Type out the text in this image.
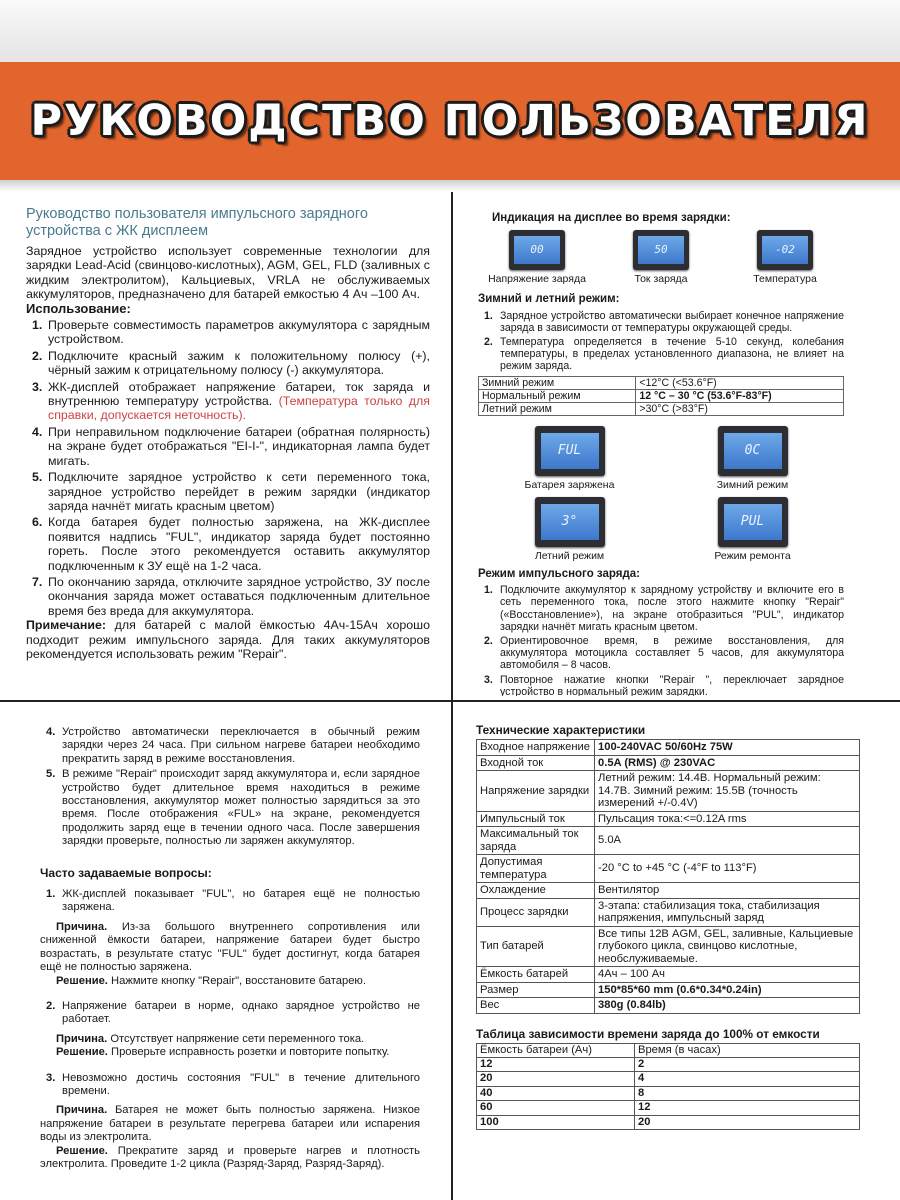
РУКОВОДСТВО ПОЛЬЗОВАТЕЛЯ
Руководство пользователя импульсного зарядного устройства с ЖК дисплеем

Зарядное устройство использует современные технологии для зарядки Lead-Acid (свинцово-кислотных), AGM, GEL, FLD (заливных с жидким электролитом), Кальциевых, VRLA не обслуживаемых аккумуляторов, предназначено для батарей емкостью 4 Ач –100 Ач.

Использование:
1. Проверьте совместимость параметров аккумулятора с зарядным устройством.
2. Подключите красный зажим к положительному полюсу (+), чёрный зажим к отрицательному полюсу (-) аккумулятора.
3. ЖК-дисплей отображает напряжение батареи, ток заряда и внутреннюю температуру устройства. (Температура только для справки, допускается неточность).
4. При неправильном подключение батареи (обратная полярность) на экране будет отображаться "EI-I-", индикаторная лампа будет мигать.
5. Подключите зарядное устройство к сети переменного тока, зарядное устройство перейдет в режим зарядки (индикатор заряда начнёт мигать красным цветом)
6. Когда батарея будет полностью заряжена, на ЖК-дисплее появится надпись "FUL", индикатор заряда будет постоянно гореть. После этого рекомендуется оставить аккумулятор подключенным к ЗУ ещё на 1-2 часа.
7. По окончанию заряда, отключите зарядное устройство, ЗУ после окончания заряда может оставаться подключенным длительное время без вреда для аккумулятора.

Примечание: для батарей с малой ёмкостью 4Ач-15Ач хорошо подходит режим импульсного заряда. Для таких аккумуляторов рекомендуется использовать режим "Repair".

Индикация на дисплее во время зарядки:
00
Напряжение заряда
50
Ток заряда
-02
Температура
Зимний и летний режим:
1. Зарядное устройство автоматически выбирает конечное напряжение заряда в зависимости от температуры окружающей среды.
2. Температура определяется в течение 5-10 секунд, колебания температуры, в пределах установленного диапазона, не влияет на режим заряда.
Зимний режим	<12°C (<53.6°F)
Нормальный режим	12 °C – 30 °C (53.6°F-83°F)
Летний режим	>30°C (>83°F)
FUL
Батарея заряжена
0C
Зимний режим
3°
Летний режим
PUL
Режим ремонта
Режим импульсного заряда:
1. Подключите аккумулятор к зарядному устройству и включите его в сеть переменного тока, после этого нажмите кнопку "Repair" («Восстановление»), на экране отобразиться "PUL", индикатор зарядки начнёт мигать красным цветом.
2. Ориентировочное время, в режиме восстановления, для аккумулятора мотоцикла составляет 5 часов, для аккумулятора автомобиля – 8 часов.
3. Повторное нажатие кнопки "Repair ", переключает зарядное устройство в нормальный режим зарядки.
4. Устройство автоматически переключается в обычный режим зарядки через 24 часа. При сильном нагреве батареи необходимо прекратить заряд в режиме восстановления.
5. В режиме "Repair" происходит заряд аккумулятора и, если зарядное устройство будет длительное время находиться в режиме восстановления, аккумулятор может полностью зарядиться за это время. После отображения «FUL» на экране, рекомендуется продолжить заряд еще в течении одного часа. После завершения зарядки проверьте, полностью ли заряжен аккумулятор.
Часто задаваемые вопросы:
1. ЖК-дисплей показывает "FUL", но батарея ещё не полностью заряжена.

Причина. Из-за большого внутреннего сопротивления или сниженной ёмкости батареи, напряжение батареи будет быстро возрастать, в результате статус "FUL" будет достигнут, когда батарея ещё не полностью заряжена.

Решение. Нажмите кнопку "Repair", восстановите батарею.

2. Напряжение батареи в норме, однако зарядное устройство не работает.

Причина. Отсутствует напряжение сети переменного тока.

Решение. Проверьте исправность розетки и повторите попытку.

3. Невозможно достичь состояния "FUL" в течение длительного времени.

Причина. Батарея не может быть полностью заряжена. Низкое напряжение батареи в результате перегрева батареи или испарения воды из электролита.

Решение. Прекратите заряд и проверьте нагрев и плотность электролита. Проведите 1-2 цикла (Разряд-Заряд, Разряд-Заряд).

Технические характеристики
Входное напряжение	100-240VAC 50/60Hz 75W
Входной ток	0.5A (RMS) @ 230VAC
Напряжение зарядки	Летний режим: 14.4В. Нормальный режим: 14.7В. Зимний режим: 15.5В (точность измерений +/-0.4V)
Импульсный ток	Пульсация тока:<=0.12A rms
Максимальный ток заряда	5.0A
Допустимая температура	-20 °C to +45 °C (-4°F to 113°F)
Охлаждение	Вентилятор
Процесс зарядки	3-этапа: стабилизация тока, стабилизация напряжения, импульсный заряд
Тип батарей	Все типы 12В AGM, GEL, заливные, Кальциевые глубокого цикла, свинцово кислотные, необслуживаемые.
Ёмкость батарей	4Ач – 100 Ач
Размер	150*85*60 mm (0.6*0.34*0.24in)
Вес	380g (0.84lb)
Таблица зависимости времени заряда до 100% от емкости
Ёмкость батареи (Ач)	Время (в часах)
12	2
20	4
40	8
60	12
100	20
